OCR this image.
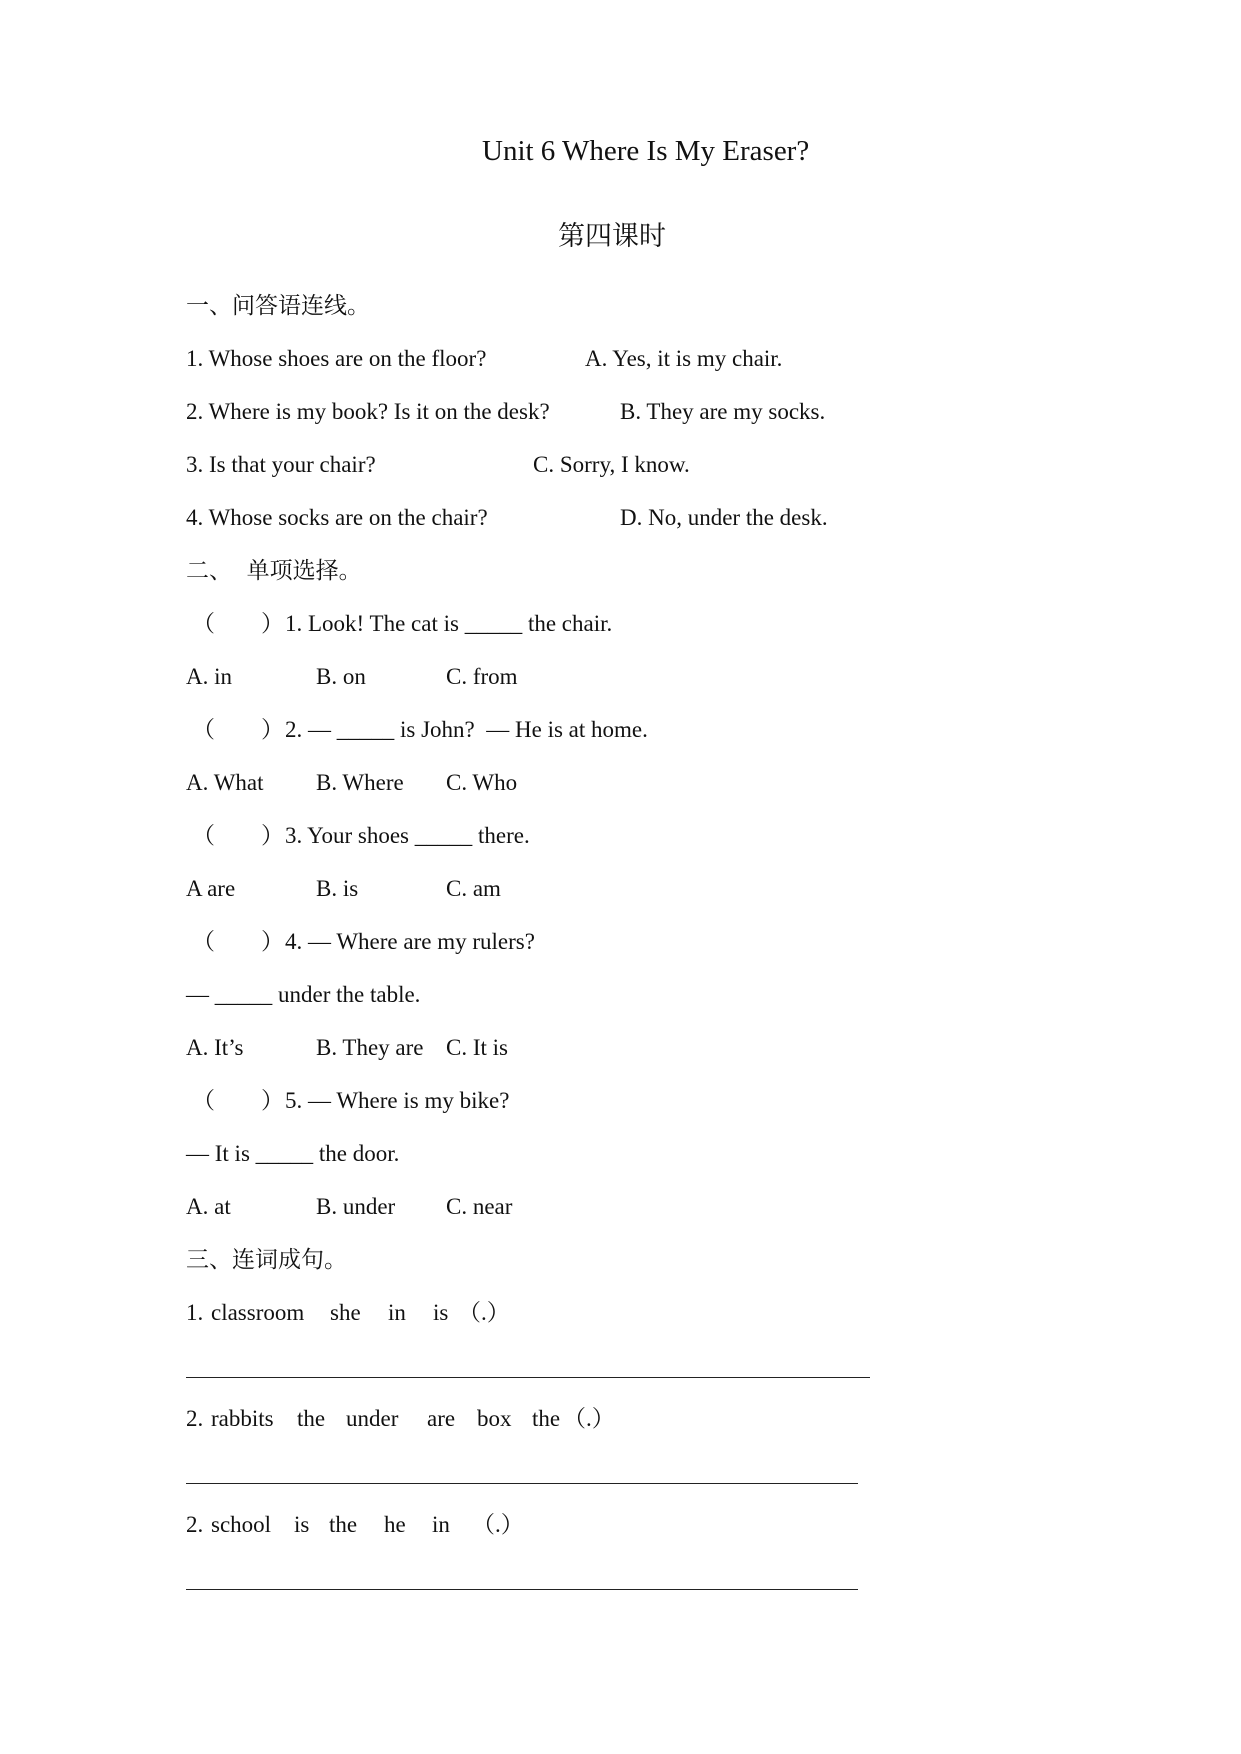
Unit 6 Where Is My Eraser?
第四课时
一、问答语连线。
1. Whose shoes are on the floor?	A. Yes, it is my chair.
2. Where is my book? Is it on the desk?	B. They are my socks.
3. Is that your chair?	C. Sorry, I know.
4. Whose socks are on the chair?	D. No, under the desk.
二、  单项选择。
（        ） 1. Look! The cat is _____ the chair.
A. in	B. on	C. from
（        ） 2. — _____ is John?  — He is at home.
A. What B. Where C. Who
（        ） 3. Your shoes _____ there.
A are	B. is	C. am
（        ） 4. — Where are my rulers?
— _____ under the table.
A. It’s	B. They are C. It is
（        ） 5. — Where is my bike?
— It is _____ the door.
A. at	B. under C. near
三、连词成句。
1. classroom she in is （.）
2. rabbits the under are box the （.）
2. school is the he in （.）
